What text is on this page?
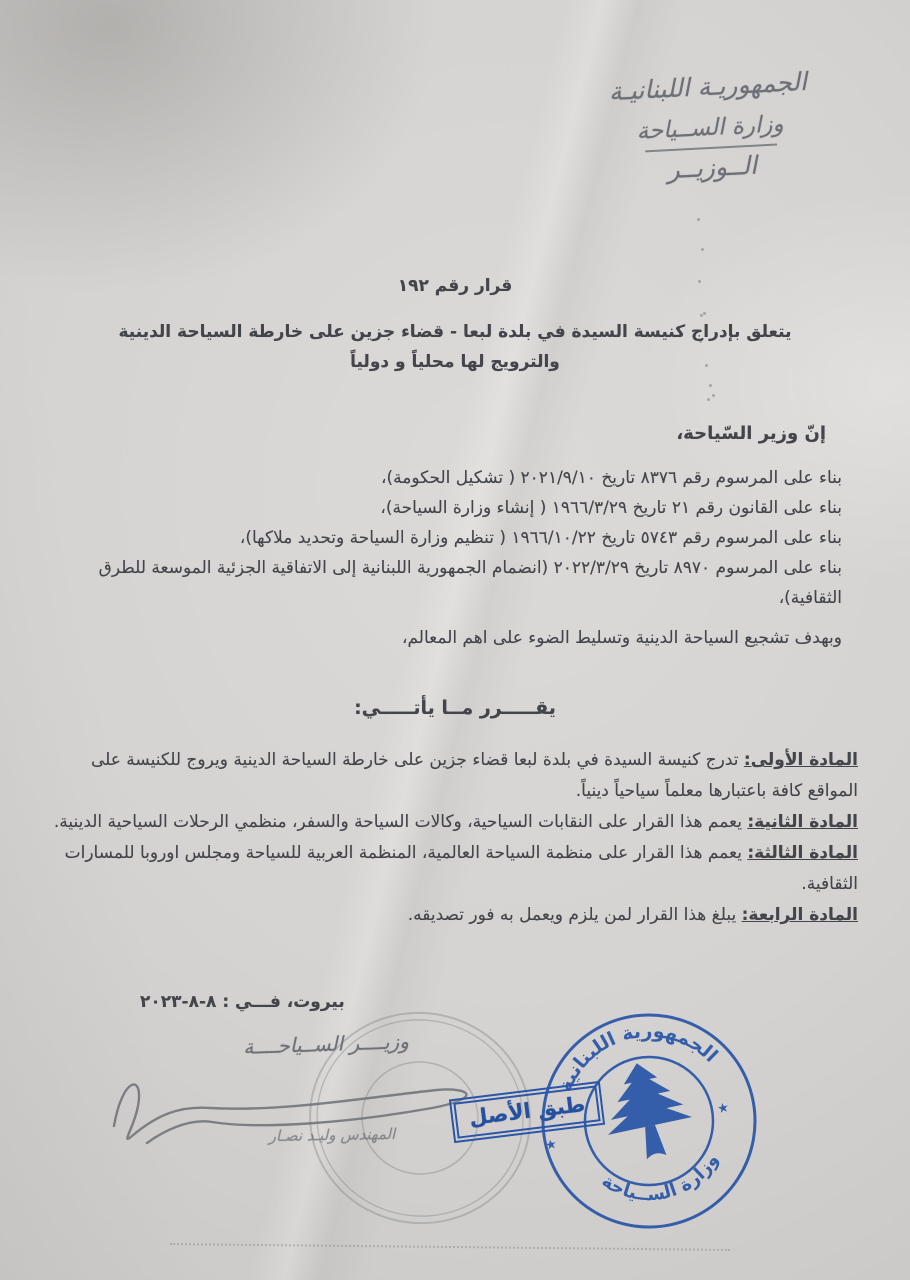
الجمهوريـة اللبنانيـة
وزارة الســياحة
الــوزيــر
قرار رقم ١٩٢
يتعلق بإدراج كنيسة السيدة في بلدة لبعا - قضاء جزين على خارطة السياحة الدينية
والترويج لها محلياً و دولياً
إنّ وزير السّياحة،
بناء على المرسوم رقم ٨٣٧٦ تاريخ ٢٠٢١/٩/١٠ ( تشكيل الحكومة)،
بناء على القانون رقم ٢١ تاريخ ١٩٦٦/٣/٢٩ ( إنشاء وزارة السياحة)،
بناء على المرسوم رقم ٥٧٤٣ تاريخ ١٩٦٦/١٠/٢٢ ( تنظيم وزارة السياحة وتحديد ملاكها)،
بناء على المرسوم ٨٩٧٠ تاريخ ٢٠٢٢/٣/٢٩ (انضمام الجمهورية اللبنانية إلى الاتفاقية الجزئية الموسعة للطرق الثقافية)،
وبهدف تشجيع السياحة الدينية وتسليط الضوء على اهم المعالم،
يقـــــرر مــا يأتـــــي:
المادة الأولى: تدرج كنيسة السيدة في بلدة لبعا قضاء جزين على خارطة السياحة الدينية ويروج للكنيسة على المواقع كافة باعتبارها معلماً سياحياً دينياً.
المادة الثانية: يعمم هذا القرار على النقابات السياحية، وكالات السياحة والسفر، منظمي الرحلات السياحية الدينية.
المادة الثالثة: يعمم هذا القرار على منظمة السياحة العالمية، المنظمة العربية للسياحة ومجلس اوروبا للمسارات الثقافية.
المادة الرابعة: يبلغ هذا القرار لمن يلزم ويعمل به فور تصديقه.
بيروت، فـــي : ٨-٨-٢٠٢٣
وزيــــر الســياحــــة
المهندس وليـد نصـار
طبق الأصل
الجمهورية اللبنانية
وزارة الســياحة
★
★
